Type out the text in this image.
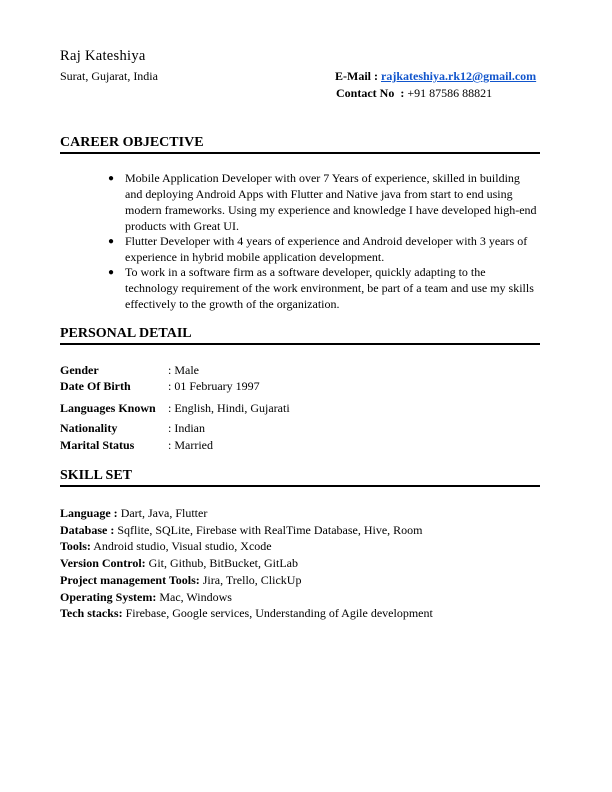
Raj Kateshiya
Surat, Gujarat, India	E-Mail : rajkateshiya.rk12@gmail.com
Contact No  : +91 87586 88821
CAREER OBJECTIVE
● Mobile Application Developer with over 7 Years of experience, skilled in building
and deploying Android Apps with Flutter and Native java from start to end using
modern frameworks. Using my experience and knowledge I have developed high-end
products with Great UI.
● Flutter Developer with 4 years of experience and Android developer with 3 years of
experience in hybrid mobile application development.
● To work in a software firm as a software developer, quickly adapting to the
technology requirement of the work environment, be part of a team and use my skills
effectively to the growth of the organization.
PERSONAL DETAIL
Gender	: Male
Date Of Birth	: 01 February 1997
Languages Known : English, Hindi, Gujarati
Nationality	: Indian
Marital Status	: Married
SKILL SET
Language : Dart, Java, Flutter
Database : Sqflite, SQLite, Firebase with RealTime Database, Hive, Room
Tools: Android studio, Visual studio, Xcode
Version Control: Git, Github, BitBucket, GitLab
Project management Tools: Jira, Trello, ClickUp
Operating System: Mac, Windows
Tech stacks: Firebase, Google services, Understanding of Agile development
